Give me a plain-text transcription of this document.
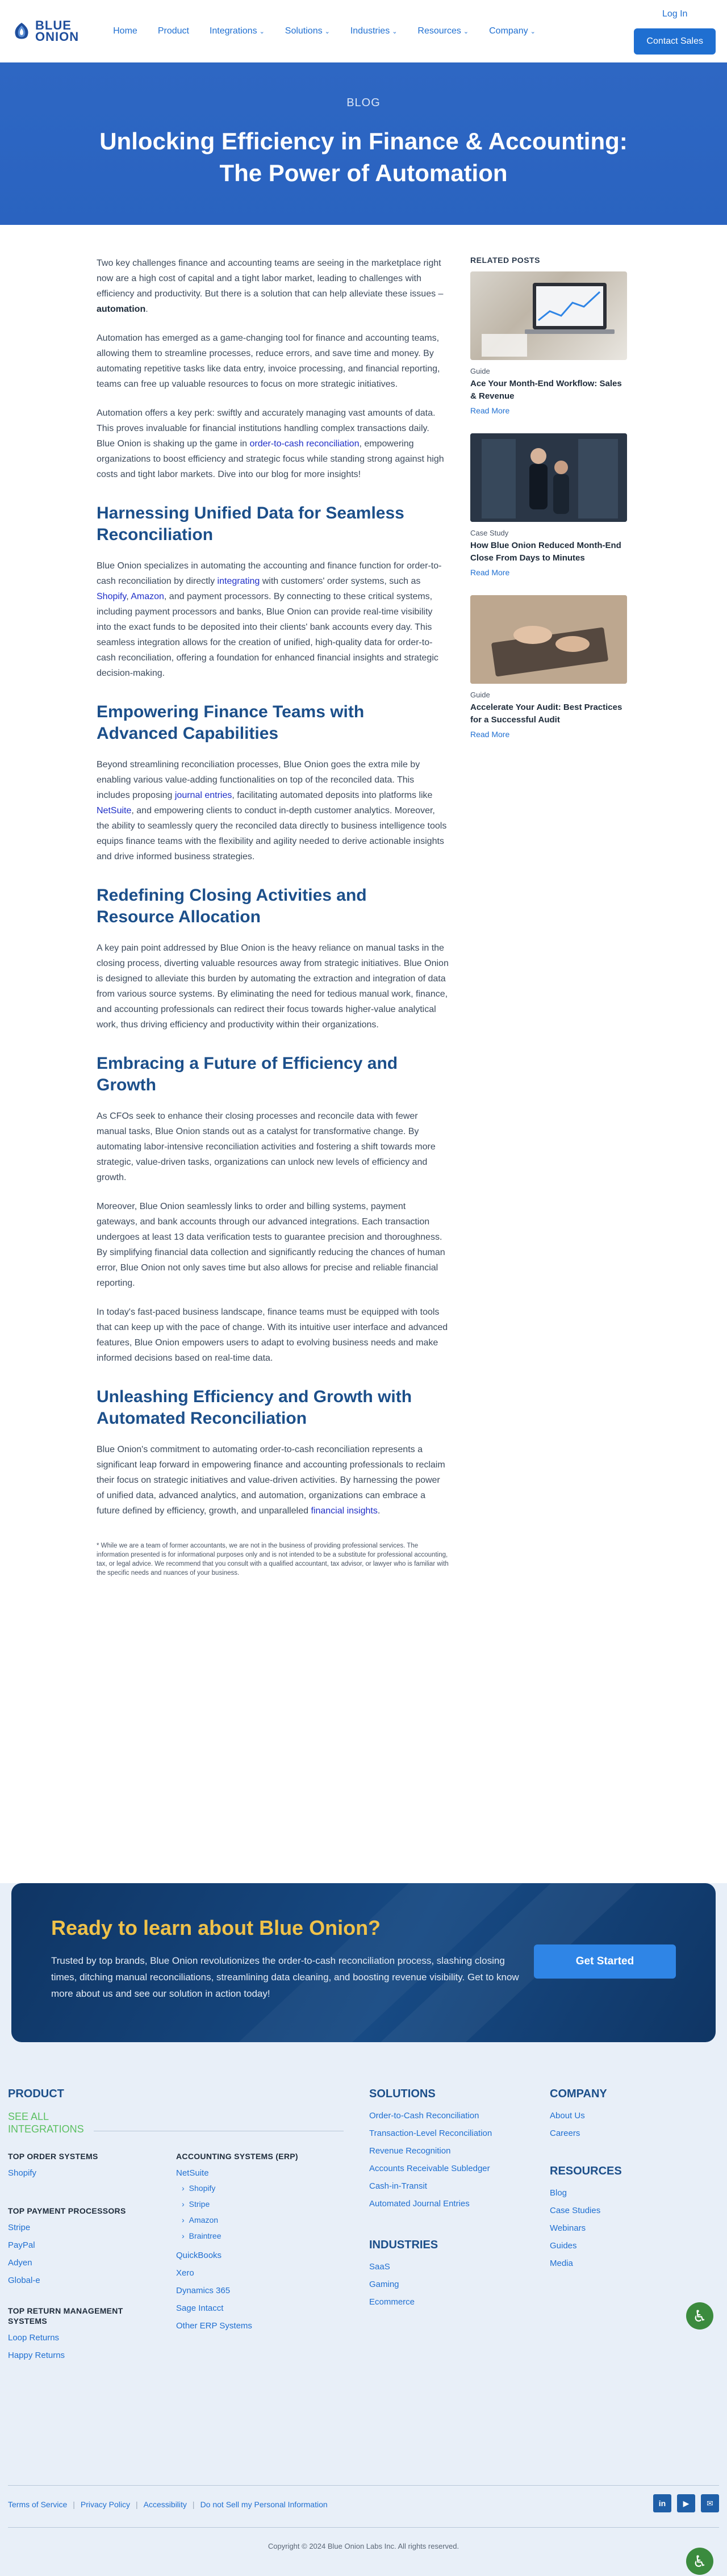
BLUE
ONION	Home Product Integrations ⌄ Solutions ⌄ Industries ⌄ Resources ⌄ Company ⌄
Log In
Contact Sales
BLOG
Unlocking Efficiency in Finance & Accounting:
The Power of Automation

Two key challenges finance and accounting teams are seeing in the marketplace right now are a high cost of capital and a tight labor market, leading to challenges with efficiency and productivity. But there is a solution that can help alleviate these issues – automation.

Automation has emerged as a game-changing tool for finance and accounting teams, allowing them to streamline processes, reduce errors, and save time and money. By automating repetitive tasks like data entry, invoice processing, and financial reporting, teams can free up valuable resources to focus on more strategic initiatives.

Automation offers a key perk: swiftly and accurately managing vast amounts of data. This proves invaluable for financial institutions handling complex transactions daily. Blue Onion is shaking up the game in order-to-cash reconciliation, empowering organizations to boost efficiency and strategic focus while standing strong against high costs and tight labor markets. Dive into our blog for more insights!

Harnessing Unified Data for Seamless Reconciliation

Blue Onion specializes in automating the accounting and finance function for order-to-cash reconciliation by directly integrating with customers' order systems, such as Shopify, Amazon, and payment processors. By connecting to these critical systems, including payment processors and banks, Blue Onion can provide real-time visibility into the exact funds to be deposited into their clients' bank accounts every day. This seamless integration allows for the creation of unified, high-quality data for order-to-cash reconciliation, offering a foundation for enhanced financial insights and strategic decision-making.

Empowering Finance Teams with Advanced Capabilities

Beyond streamlining reconciliation processes, Blue Onion goes the extra mile by enabling various value-adding functionalities on top of the reconciled data. This includes proposing journal entries, facilitating automated deposits into platforms like NetSuite, and empowering clients to conduct in-depth customer analytics. Moreover, the ability to seamlessly query the reconciled data directly to business intelligence tools equips finance teams with the flexibility and agility needed to derive actionable insights and drive informed business strategies.

Redefining Closing Activities and Resource Allocation

A key pain point addressed by Blue Onion is the heavy reliance on manual tasks in the closing process, diverting valuable resources away from strategic initiatives. Blue Onion is designed to alleviate this burden by automating the extraction and integration of data from various source systems. By eliminating the need for tedious manual work, finance, and accounting professionals can redirect their focus towards higher-value analytical work, thus driving efficiency and productivity within their organizations.

Embracing a Future of Efficiency and Growth

As CFOs seek to enhance their closing processes and reconcile data with fewer manual tasks, Blue Onion stands out as a catalyst for transformative change. By automating labor-intensive reconciliation activities and fostering a shift towards more strategic, value-driven tasks, organizations can unlock new levels of efficiency and growth.

Moreover, Blue Onion seamlessly links to order and billing systems, payment gateways, and bank accounts through our advanced integrations. Each transaction undergoes at least 13 data verification tests to guarantee precision and thoroughness. By simplifying financial data collection and significantly reducing the chances of human error, Blue Onion not only saves time but also allows for precise and reliable financial reporting.

In today's fast-paced business landscape, finance teams must be equipped with tools that can keep up with the pace of change. With its intuitive user interface and advanced features, Blue Onion empowers users to adapt to evolving business needs and make informed decisions based on real-time data.

Unleashing Efficiency and Growth with Automated Reconciliation

Blue Onion's commitment to automating order-to-cash reconciliation represents a significant leap forward in empowering finance and accounting professionals to reclaim their focus on strategic initiatives and value-driven activities. By harnessing the power of unified data, advanced analytics, and automation, organizations can embrace a future defined by efficiency, growth, and unparalleled financial insights.

* While we are a team of former accountants, we are not in the business of providing professional services. The information presented is for informational purposes only and is not intended to be a substitute for professional accounting, tax, or legal advice. We recommend that you consult with a qualified accountant, tax advisor, or lawyer who is familiar with the specific needs and nuances of your business.
RELATED POSTS
Guide
Ace Your Month-End Workflow: Sales & Revenue
Read More
Case Study
How Blue Onion Reduced Month-End Close From Days to Minutes
Read More
Guide
Accelerate Your Audit: Best Practices for a Successful Audit
Read More
Ready to learn about Blue Onion?
Trusted by top brands, Blue Onion revolutionizes the order-to-cash reconciliation process, slashing closing times, ditching manual reconciliations, streamlining data cleaning, and boosting revenue visibility. Get to know more about us and see our solution in action today!
Get Started
PRODUCT
SEE ALL INTEGRATIONS
TOP ORDER SYSTEMS
Shopify
TOP PAYMENT PROCESSORS
Stripe
PayPal
Adyen
Global-e
TOP RETURN MANAGEMENT SYSTEMS
Loop Returns
Happy Returns
ACCOUNTING SYSTEMS (ERP)
NetSuite
› Shopify
› Stripe
› Amazon
› Braintree
QuickBooks
Xero
Dynamics 365
Sage Intacct
Other ERP Systems
SOLUTIONS
Order-to-Cash Reconciliation
Transaction-Level Reconciliation
Revenue Recognition
Accounts Receivable Subledger
Cash-in-Transit
Automated Journal Entries
INDUSTRIES
SaaS
Gaming
Ecommerce
COMPANY
About Us
Careers
RESOURCES
Blog
Case Studies
Webinars
Guides
Media
♿
Terms of Service | Privacy Policy | Accessibility | Do not Sell my Personal Information	in	▶	✉
Copyright © 2024 Blue Onion Labs Inc. All rights reserved.
♿
